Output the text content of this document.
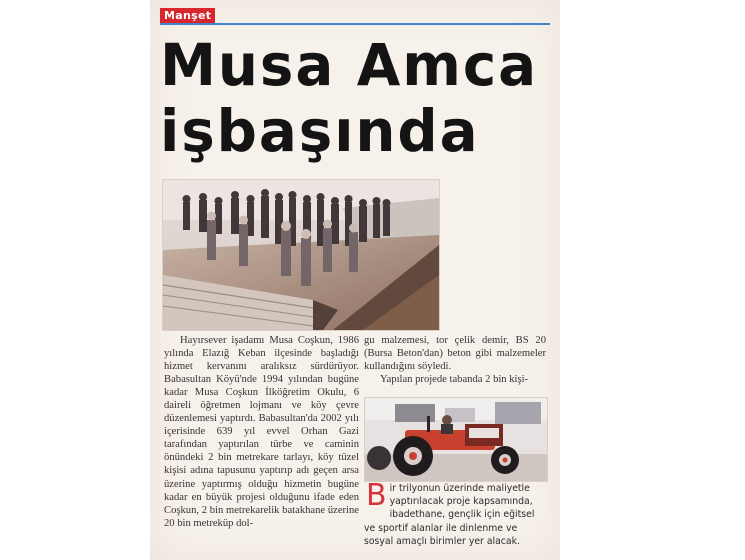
Manşet
Musa Amca
işbaşında

Hayırsever işadamı Musa Coşkun, 1986 yılında Elazığ Keban ilçesinde başladığı hizmet kervanını aralıksız sürdürüyor. Babasultan Köyü'nde 1994 yılından bugüne kadar Musa Coşkun İlköğretim Okulu, 6 daireli öğretmen lojmanı ve köy çevre düzenlemesi yaptırdı. Babasultan'da 2002 yılı içerisinde 639 yıl evvel Orhan Gazi tarafından yaptırılan türbe ve caminin önündeki 2 bin metrekare tarlayı, köy tüzel kişisi adına tapusunu yaptırıp adı geçen arsa üzerine yaptırmış olduğu hizmetin bugüne kadar en büyük projesi olduğunu ifade eden Coşkun, 2 bin metrekarelik batakhane üzerine 20 bin metreküp dol-

gu malzemesi, tor çelik demir, BS 20 (Bursa Beton'dan) beton gibi malzemeler kullandığını söyledi.

Yapılan projede tabanda 2 bin kişi-

Bir trilyonun üzerinde maliyetle yaptırılacak proje kapsamında, ibadethane, gençlik için eğitsel ve sportif alanlar ile dinlenme ve sosyal amaçlı birimler yer alacak.
